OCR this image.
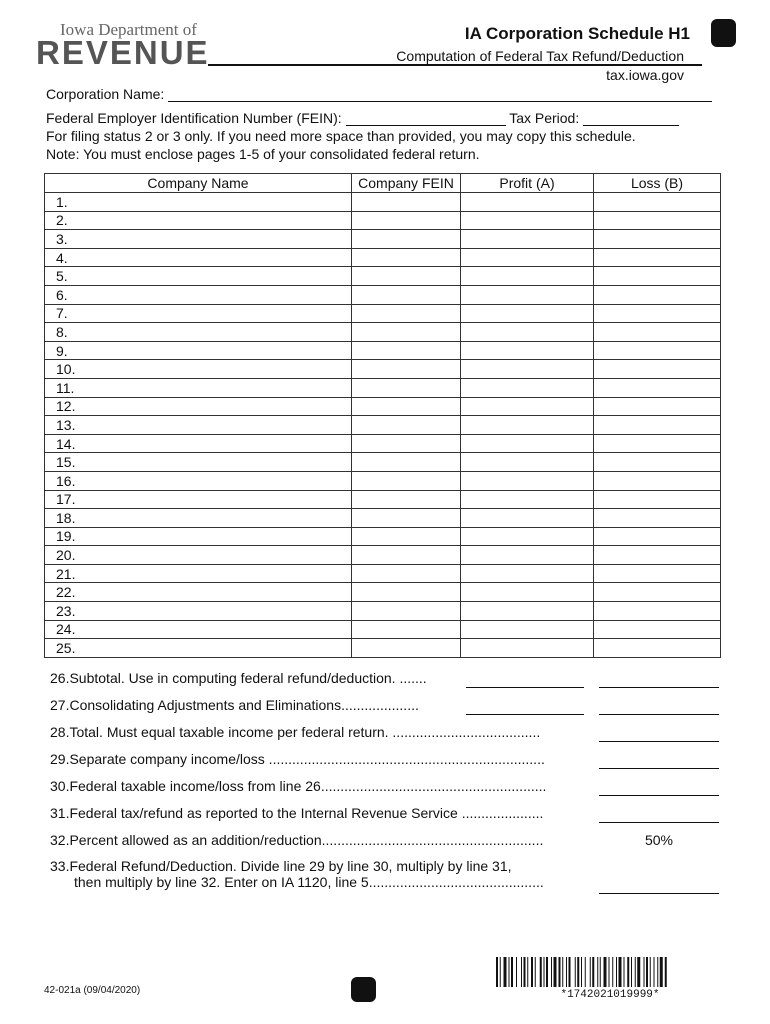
Iowa Department of
REVENUE
IA Corporation Schedule H1
Computation of Federal Tax Refund/Deduction
tax.iowa.gov
Corporation Name:
Federal Employer Identification Number (FEIN):	Tax Period:
For filing status 2 or 3 only. If you need more space than provided, you may copy this schedule.
Note: You must enclose pages 1-5 of your consolidated federal return.
Company Name	Company FEIN	Profit (A)	Loss (B)
1.			
2.			
3.			
4.			
5.			
6.			
7.			
8.			
9.			
10.			
11.			
12.			
13.			
14.			
15.			
16.			
17.			
18.			
19.			
20.			
21.			
22.			
23.			
24.			
25.			
26.Subtotal. Use in computing federal refund/deduction. .......
27.Consolidating Adjustments and Eliminations....................
28.Total. Must equal taxable income per federal return. ......................................
29.Separate company income/loss .......................................................................
30.Federal taxable income/loss from line 26..........................................................
31.Federal tax/refund as reported to the Internal Revenue Service .....................
32.Percent allowed as an addition/reduction.........................................................	50%
33.Federal Refund/Deduction. Divide line 29 by line 30, multiply by line 31,
then multiply by line 32. Enter on IA 1120, line 5.............................................
42-021a (09/04/2020)	*1742021019999*
